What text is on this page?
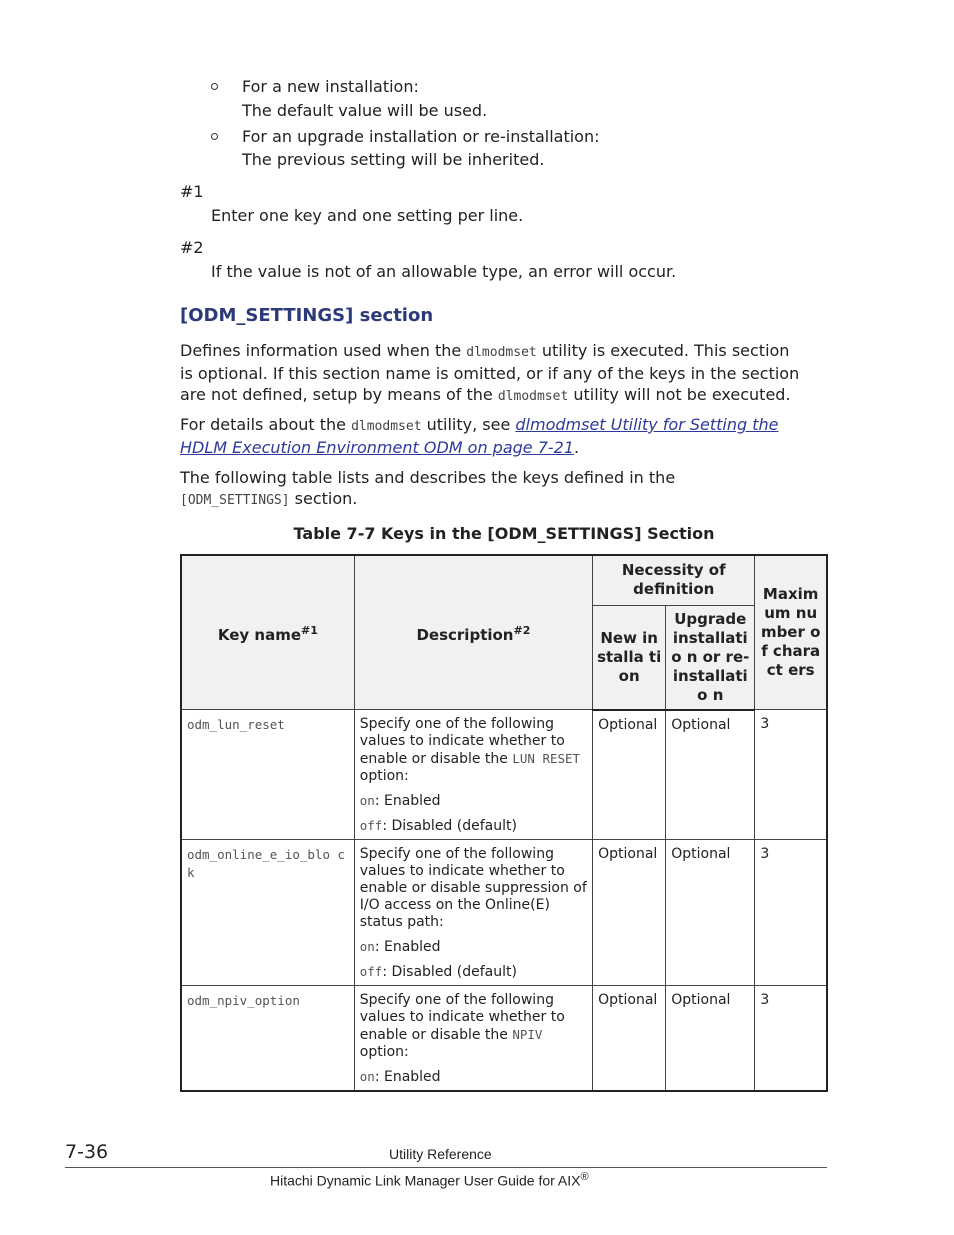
For a new installation:
The default value will be used.
For an upgrade installation or re-installation:
The previous setting will be inherited.
#1
Enter one key and one setting per line.
#2
If the value is not of an allowable type, an error will occur.
[ODM_SETTINGS] section
Defines information used when the dlmodmset utility is executed. This section
is optional. If this section name is omitted, or if any of the keys in the section
are not defined, setup by means of the dlmodmset utility will not be executed.
For details about the dlmodmset utility, see dlmodmset Utility for Setting the
HDLM Execution Environment ODM on page 7-21.
The following table lists and describes the keys defined in the
[ODM_SETTINGS] section.
Table 7-7 Keys in the [ODM_SETTINGS] Section
Key name$^{\#1}$	Description$^{\#2}$	Necessity of definition		Maxim um number of charact ers
		New installa tion	Upgrade installatio n or re- installatio n	
odm_lun_reset	Specify one of the following values to indicate whether to enable or disable the LUN RESET option:
on: Enabled
off: Disabled (default)	Optional	Optional	3
odm_online_e_io_blo ck	Specify one of the following values to indicate whether to enable or disable suppression of I/O access on the Online(E) status path:
on: Enabled
off: Disabled (default)	Optional	Optional	3
odm_npiv_option	Specify one of the following values to indicate whether to enable or disable the NPIV option:
on: Enabled	Optional	Optional	3
7-36	Utility Reference
Hitachi Dynamic Link Manager User Guide for AIX®
